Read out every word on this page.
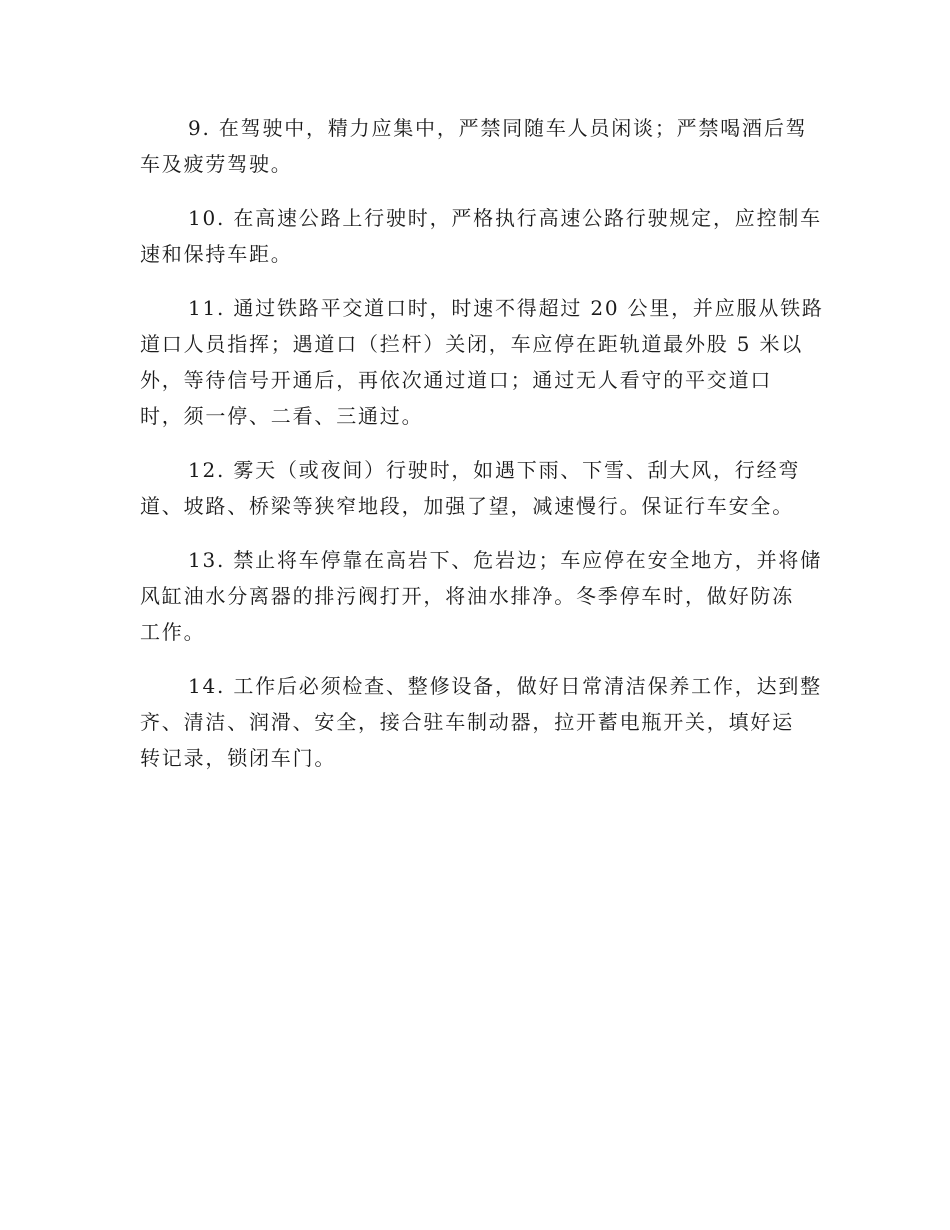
9. 在驾驶中，精力应集中，严禁同随车人员闲谈；严禁喝酒后驾
车及疲劳驾驶。
10. 在高速公路上行驶时，严格执行高速公路行驶规定，应控制车
速和保持车距。
11. 通过铁路平交道口时，时速不得超过 20 公里，并应服从铁路
道口人员指挥；遇道口（拦杆）关闭，车应停在距轨道最外股 5 米以
外，等待信号开通后，再依次通过道口；通过无人看守的平交道口
时，须一停、二看、三通过。
12. 雾天（或夜间）行驶时，如遇下雨、下雪、刮大风，行经弯
道、坡路、桥梁等狭窄地段，加强了望，减速慢行。保证行车安全。
13. 禁止将车停靠在高岩下、危岩边；车应停在安全地方，并将储
风缸油水分离器的排污阀打开，将油水排净。冬季停车时，做好防冻
工作。
14. 工作后必须检查、整修设备，做好日常清洁保养工作，达到整
齐、清洁、润滑、安全，接合驻车制动器，拉开蓄电瓶开关，填好运
转记录，锁闭车门。
